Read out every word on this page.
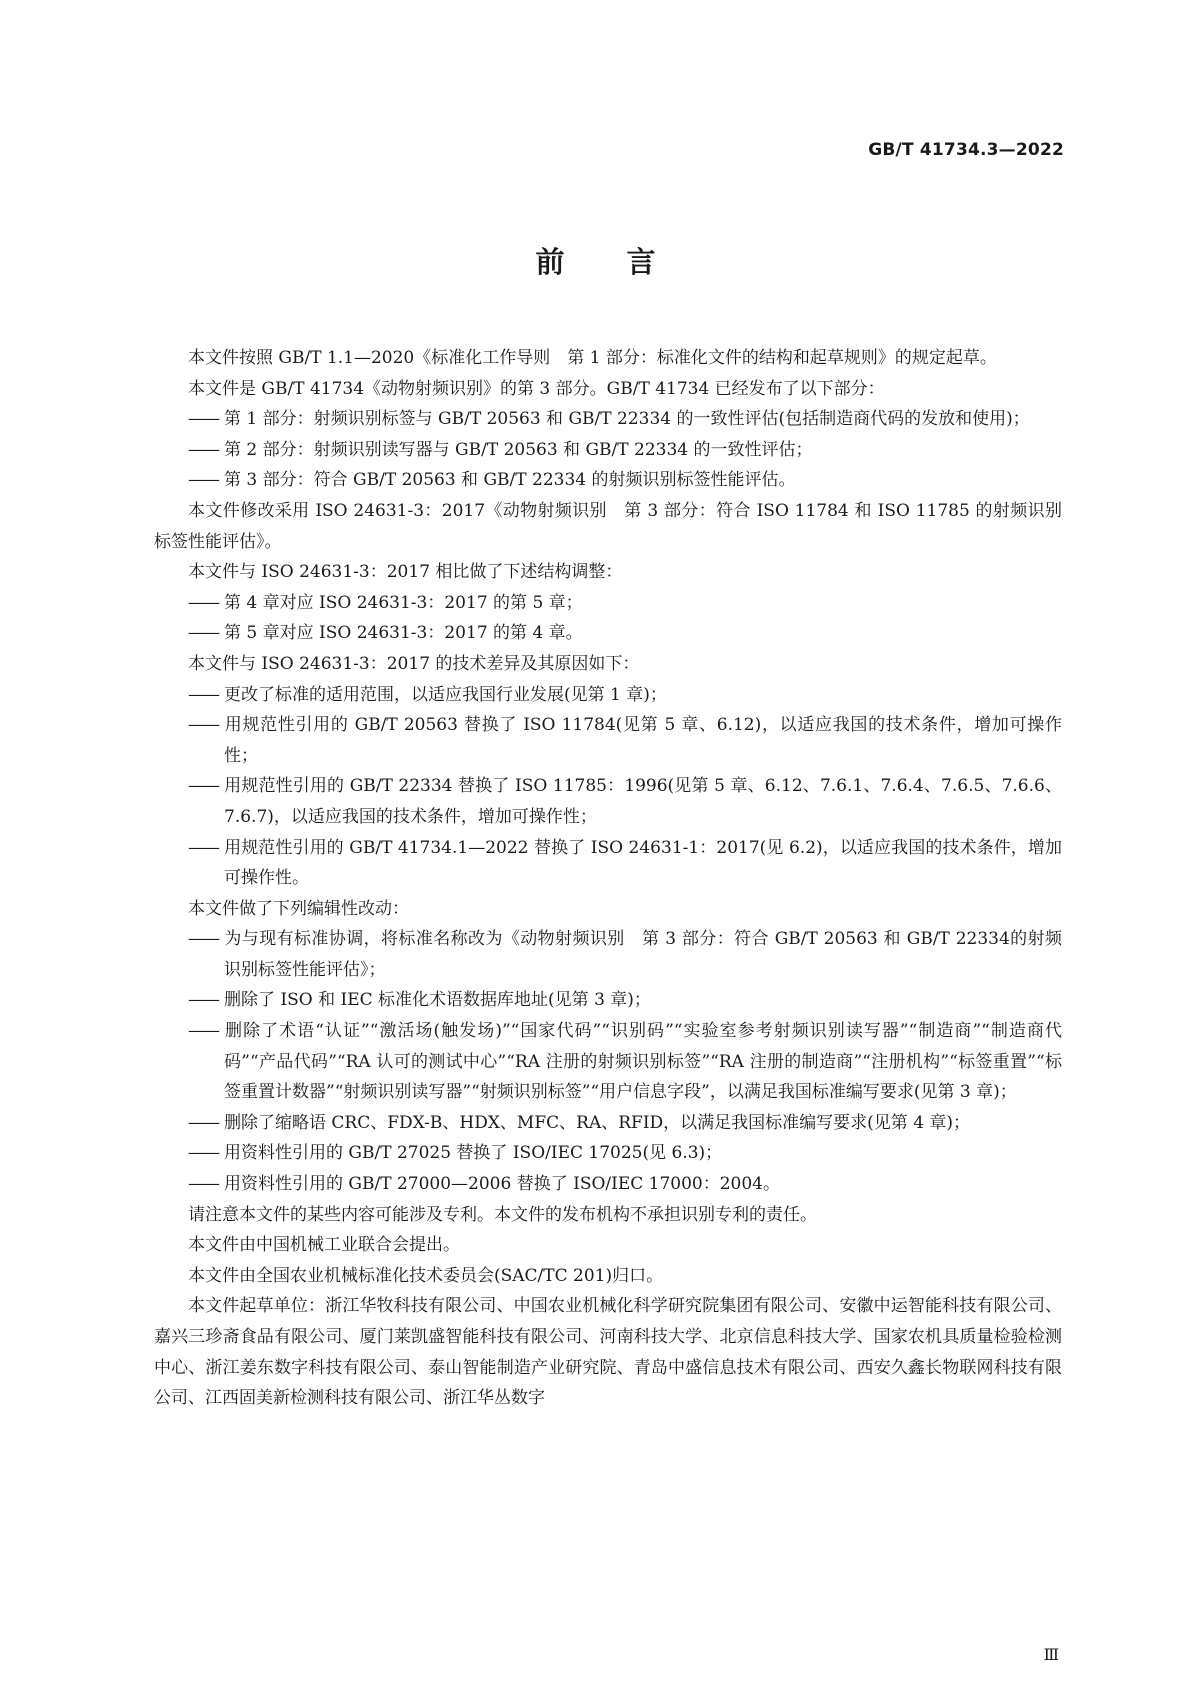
GB/T 41734.3—2022
前言
本文件按照 GB/T 1.1—2020《标准化工作导则　第 1 部分：标准化文件的结构和起草规则》的规定起草。
本文件是 GB/T 41734《动物射频识别》的第 3 部分。GB/T 41734 已经发布了以下部分：
—— 第 1 部分：射频识别标签与 GB/T 20563 和 GB/T 22334 的一致性评估(包括制造商代码的发放和使用)；
—— 第 2 部分：射频识别读写器与 GB/T 20563 和 GB/T 22334 的一致性评估；
—— 第 3 部分：符合 GB/T 20563 和 GB/T 22334 的射频识别标签性能评估。
本文件修改采用 ISO 24631-3：2017《动物射频识别　第 3 部分：符合 ISO 11784 和 ISO 11785 的射频识别标签性能评估》。
本文件与 ISO 24631-3：2017 相比做了下述结构调整：
—— 第 4 章对应 ISO 24631-3：2017 的第 5 章；
—— 第 5 章对应 ISO 24631-3：2017 的第 4 章。
本文件与 ISO 24631-3：2017 的技术差异及其原因如下：
—— 更改了标准的适用范围，以适应我国行业发展(见第 1 章)；
—— 用规范性引用的 GB/T 20563 替换了 ISO 11784(见第 5 章、6.12)，以适应我国的技术条件，增加可操作性；
—— 用规范性引用的 GB/T 22334 替换了 ISO 11785：1996(见第 5 章、6.12、7.6.1、7.6.4、7.6.5、7.6.6、7.6.7)，以适应我国的技术条件，增加可操作性；
—— 用规范性引用的 GB/T 41734.1—2022 替换了 ISO 24631-1：2017(见 6.2)，以适应我国的技术条件，增加可操作性。
本文件做了下列编辑性改动：
—— 为与现有标准协调，将标准名称改为《动物射频识别　第 3 部分：符合 GB/T 20563 和 GB/T 22334的射频识别标签性能评估》；
—— 删除了 ISO 和 IEC 标准化术语数据库地址(见第 3 章)；
—— 删除了术语“认证”“激活场(触发场)”“国家代码”“识别码”“实验室参考射频识别读写器”“制造商”“制造商代码”“产品代码”“RA 认可的测试中心”“RA 注册的射频识别标签”“RA 注册的制造商”“注册机构”“标签重置”“标签重置计数器”“射频识别读写器”“射频识别标签”“用户信息字段”，以满足我国标准编写要求(见第 3 章)；
—— 删除了缩略语 CRC、FDX-B、HDX、MFC、RA、RFID，以满足我国标准编写要求(见第 4 章)；
—— 用资料性引用的 GB/T 27025 替换了 ISO/IEC 17025(见 6.3)；
—— 用资料性引用的 GB/T 27000—2006 替换了 ISO/IEC 17000：2004。
请注意本文件的某些内容可能涉及专利。本文件的发布机构不承担识别专利的责任。
本文件由中国机械工业联合会提出。
本文件由全国农业机械标准化技术委员会(SAC/TC 201)归口。
本文件起草单位：浙江华牧科技有限公司、中国农业机械化科学研究院集团有限公司、安徽中运智能科技有限公司、嘉兴三珍斋食品有限公司、厦门莱凯盛智能科技有限公司、河南科技大学、北京信息科技大学、国家农机具质量检验检测中心、浙江姜东数字科技有限公司、泰山智能制造产业研究院、青岛中盛信息技术有限公司、西安久鑫长物联网科技有限公司、江西固美新检测科技有限公司、浙江华丛数字
Ⅲ
